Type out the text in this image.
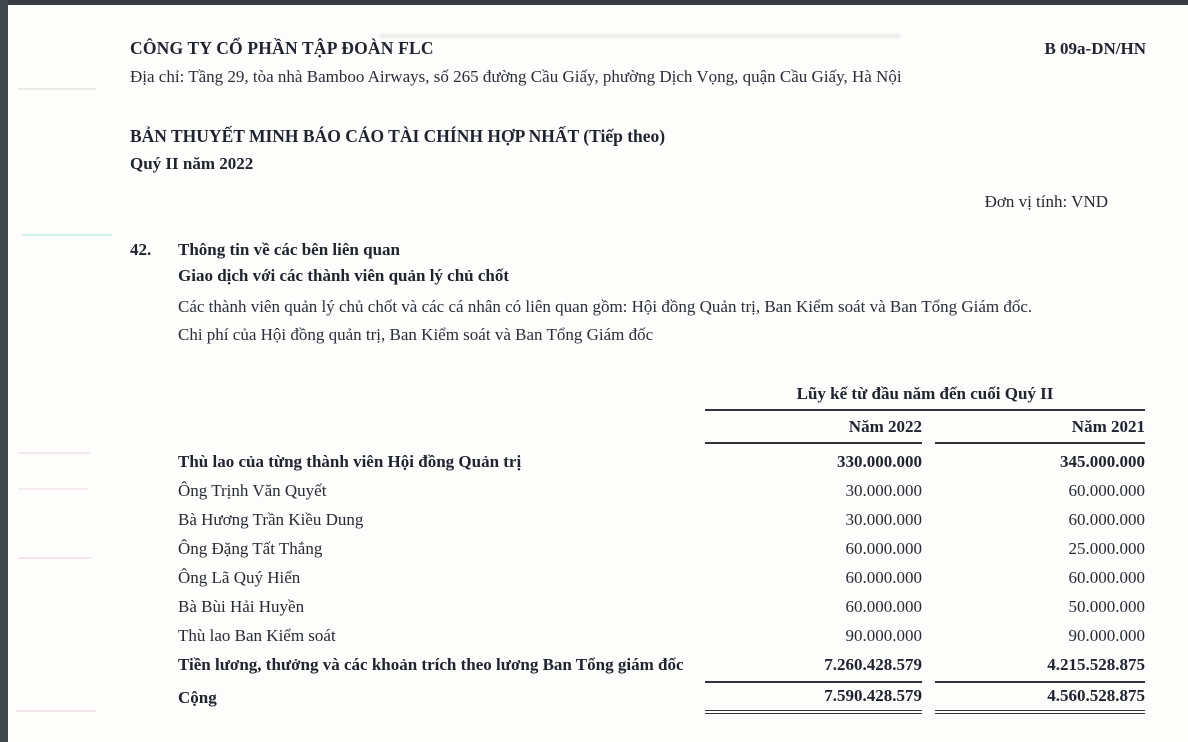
CÔNG TY CỔ PHẦN TẬP ĐOÀN FLC	B 09a-DN/HN
Địa chỉ: Tầng 29, tòa nhà Bamboo Airways, số 265 đường Cầu Giấy, phường Dịch Vọng, quận Cầu Giấy, Hà Nội
BẢN THUYẾT MINH BÁO CÁO TÀI CHÍNH HỢP NHẤT (Tiếp theo)
Quý II năm 2022
Đơn vị tính: VND
42.	Thông tin về các bên liên quan
Giao dịch với các thành viên quản lý chủ chốt
Các thành viên quản lý chủ chốt và các cá nhân có liên quan gồm: Hội đồng Quản trị, Ban Kiểm soát và Ban Tổng Giám đốc.
Chi phí của Hội đồng quản trị, Ban Kiểm soát và Ban Tổng Giám đốc
Lũy kế từ đầu năm đến cuối Quý II
Năm 2022	Năm 2021
Thù lao của từng thành viên Hội đồng Quản trị	330.000.000	345.000.000
Ông Trịnh Văn Quyết	30.000.000	60.000.000
Bà Hương Trần Kiều Dung	30.000.000	60.000.000
Ông Đặng Tất Thắng	60.000.000	25.000.000
Ông Lã Quý Hiển	60.000.000	60.000.000
Bà Bùi Hải Huyền	60.000.000	50.000.000
Thù lao Ban Kiểm soát	90.000.000	90.000.000
Tiền lương, thưởng và các khoản trích theo lương Ban Tổng giám đốc	7.260.428.579	4.215.528.875
Cộng	7.590.428.579	4.560.528.875
